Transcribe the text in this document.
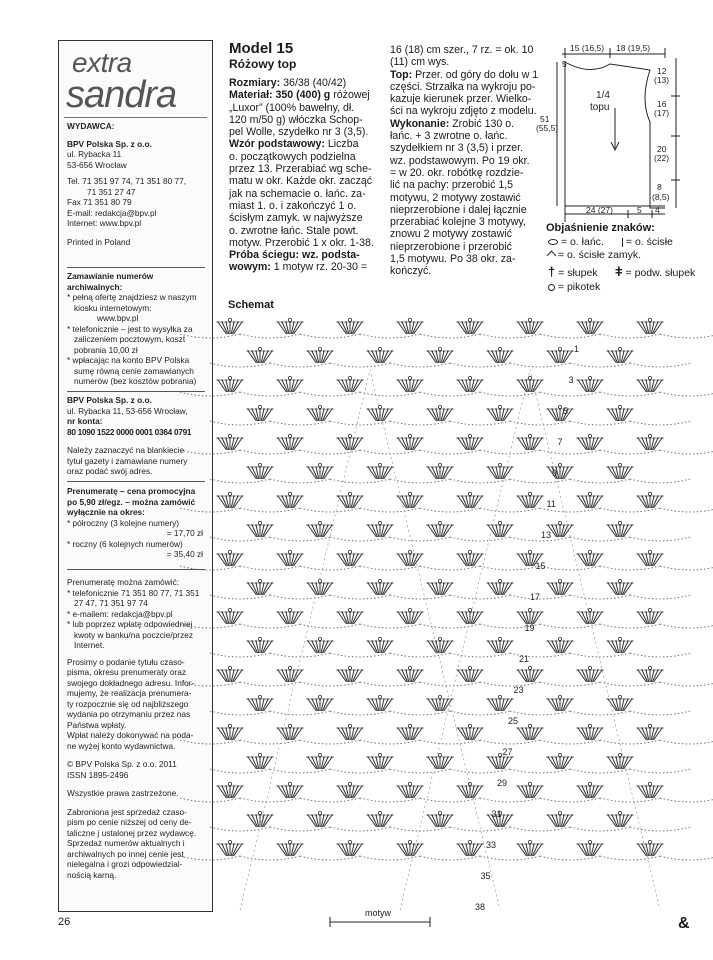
extra
sandra
WYDAWCA:
BPV Polska Sp. z o.o.
ul. Rybacka 11
53-656 Wrocław
Tel. 71 351 97 74, 71 351 80 77,
71 351 27 47
Fax 71 351 80 79
E-mail: redakcja@bpv.pl
Internet: www.bpv.pl
Printed in Poland
Zamawianie numerów
archiwalnych:
* pełną ofertę znajdziesz w naszym
kiosku internetowym:
www.bpv.pl
* telefonicznie – jest to wysyłka za
zaliczeniem pocztowym, koszt
pobrania 10,00 zł
* wpłacając na konto BPV Polska
sumę równą cenie zamawianych
numerów (bez kosztów pobrania)
BPV Polska Sp. z o.o.
ul. Rybacka 11, 53-656 Wrocław,
nr konta:
80 1090 1522 0000 0001 0364 0791
Należy zaznaczyć na blankiecie
tytuł gazety i zamawiane numery
oraz podać swój adres.
Prenumeratę – cena promocyjna
po 5,90 zł/egz. – można zamówić
wyłącznie na okres:
* półroczny (3 kolejne numery)
= 17,70 zł
* roczny (6 kolejnych numerów)
= 35,40 zł
Prenumeratę można zamówić:
* telefonicznie 71 351 80 77, 71 351
27 47, 71 351 97 74
* e-mailem: redakcja@bpv.pl
* lub poprzez wpłatę odpowiedniej
kwoty w banku/na poczcie/przez
Internet.
Prosimy o podanie tytułu czaso-
pisma, okresu prenumeraty oraz
swojego dokładnego adresu. Infor-
mujemy, że realizacja prenumera-
ty rozpocznie się od najbliższego
wydania po otrzymaniu przez nas
Państwa wpłaty.
Wpłat należy dokonywać na poda-
ne wyżej konto wydawnictwa.
© BPV Polska Sp. z o.o. 2011
ISSN 1895-2496
Wszystkie prawa zastrzeżone.
Zabroniona jest sprzedaż czaso-
pism po cenie niższej od ceny de-
taliczne j ustalonej przez wydawcę.
Sprzedaż numerów aktualnych i
archiwalnych po innej cenie jest
nielegalna i grozi odpowiedzial-
nością karną.
Model 15
Różowy top
Rozmiary: 36/38 (40/42)
Materiał: 350 (400) g różowej
„Luxor” (100% bawełny, dł.
120 m/50 g) włóczka Schop-
pel Wolle, szydełko nr 3 (3,5).
Wzór podstawowy: Liczba
o. początkowych podzielna
przez 13. Przerabiać wg sche-
matu w okr. Każde okr. zacząć
jak na schemacie o. łańc. za-
miast 1. o. i zakończyć 1 o.
ścisłym zamyk. w najwyższe
o. zwrotne łańc. Stale powt.
motyw. Przerobić 1 x okr. 1-38.
Próba ściegu: wz. podsta-
wowym: 1 motyw rz. 20-30 =
16 (18) cm szer., 7 rz. = ok. 10
(11) cm wys.
Top: Przer. od góry do dołu w 1
części. Strzałka na wykroju po-
kazuje kierunek przer. Wielko-
ści na wykroju zdjęto z modelu.
Wykonanie: Zrobić 130 o.
łańc. + 3 zwrotne o. łańc.
szydełkiem nr 3 (3,5) i przer.
wz. podstawowym. Po 19 okr.
= w 20. okr. robótkę rozdzie-
lić na pachy: przerobić 1,5
motywu, 2 motywy zostawić
nieprzerobione i dalej łącznie
przerabiać kolejne 3 motywy,
znowu 2 motywy zostawić
nieprzerobione i przerobić
1,5 motywu. Po 38 okr. za-
kończyć.
15 (16,5) 18 (19,5)
5
12
(13)
1/4
topu	16
(17)
51
(55,5)
20
(22)
8
(8,5)
24 (27)	5 4
Objaśnienie znaków:
= o. łańc.	= o. ścisłe
= o. ścisłe zamyk.
† = słupek ǂ = podw. słupek
= pikotek
Schemat
1
3
5
7
9
11
13
15
17
19
21
23
25
27
29
31
33
35
38
motyw
26	&
